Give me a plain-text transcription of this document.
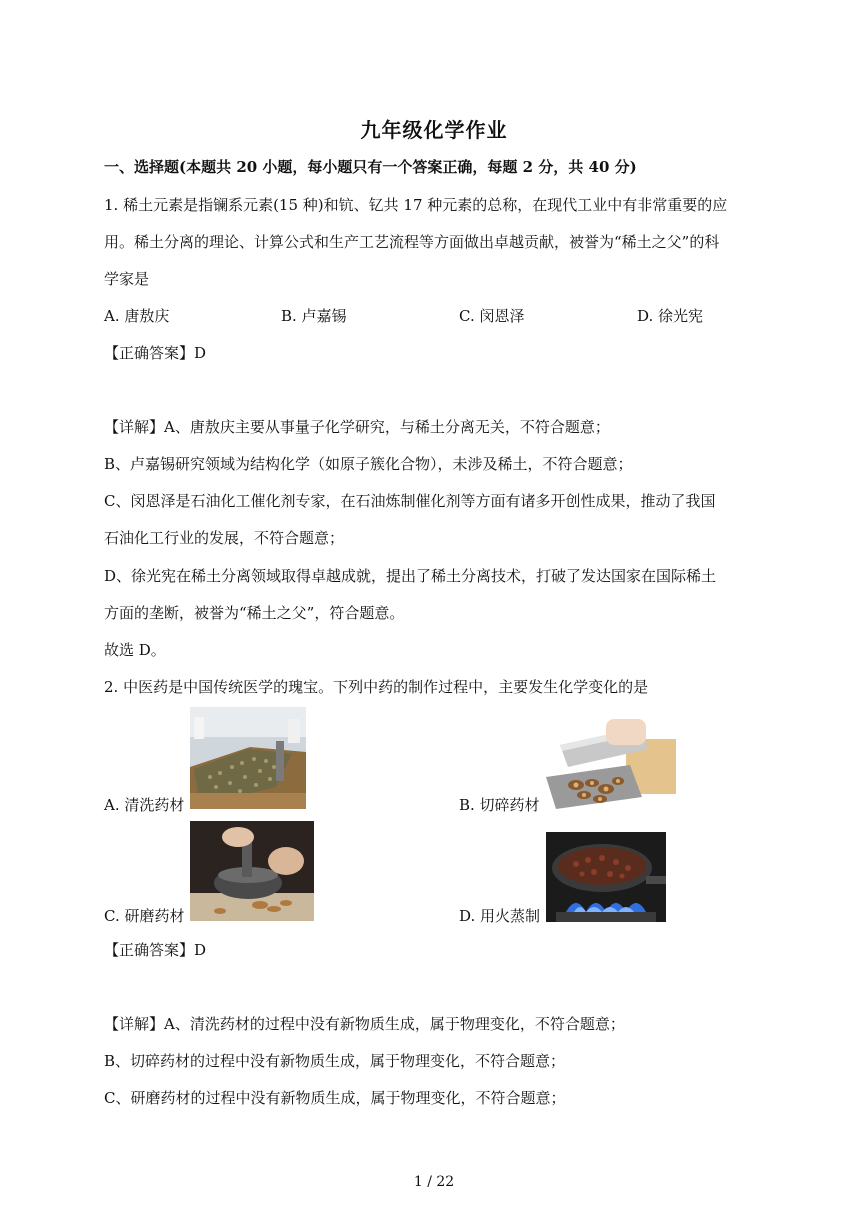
九年级化学作业
一、选择题(本题共 20 小题，每小题只有一个答案正确，每题 2 分，共 40 分)
1. 稀土元素是指镧系元素(15 种)和钪、钇共 17 种元素的总称，在现代工业中有非常重要的应
用。稀土分离的理论、计算公式和生产工艺流程等方面做出卓越贡献，被誉为“稀土之父”的科
学家是
A. 唐敖庆	B. 卢嘉锡	C. 闵恩泽	D. 徐光宪
【正确答案】D
【详解】A、唐敖庆主要从事量子化学研究，与稀土分离无关，不符合题意；
B、卢嘉锡研究领域为结构化学（如原子簇化合物），未涉及稀土，不符合题意；
C、闵恩泽是石油化工催化剂专家，在石油炼制催化剂等方面有诸多开创性成果，推动了我国
石油化工行业的发展，不符合题意；
D、徐光宪在稀土分离领域取得卓越成就，提出了稀土分离技术，打破了发达国家在国际稀土
方面的垄断，被誉为“稀土之父”，符合题意。
故选 D。
2. 中医药是中国传统医学的瑰宝。下列中药的制作过程中，主要发生化学变化的是
A. 清洗药材	B. 切碎药材
C. 研磨药材	D. 用火蒸制
【正确答案】D
【详解】A、清洗药材的过程中没有新物质生成，属于物理变化，不符合题意；
B、切碎药材的过程中没有新物质生成，属于物理变化，不符合题意；
C、研磨药材的过程中没有新物质生成，属于物理变化，不符合题意；
1 / 22
